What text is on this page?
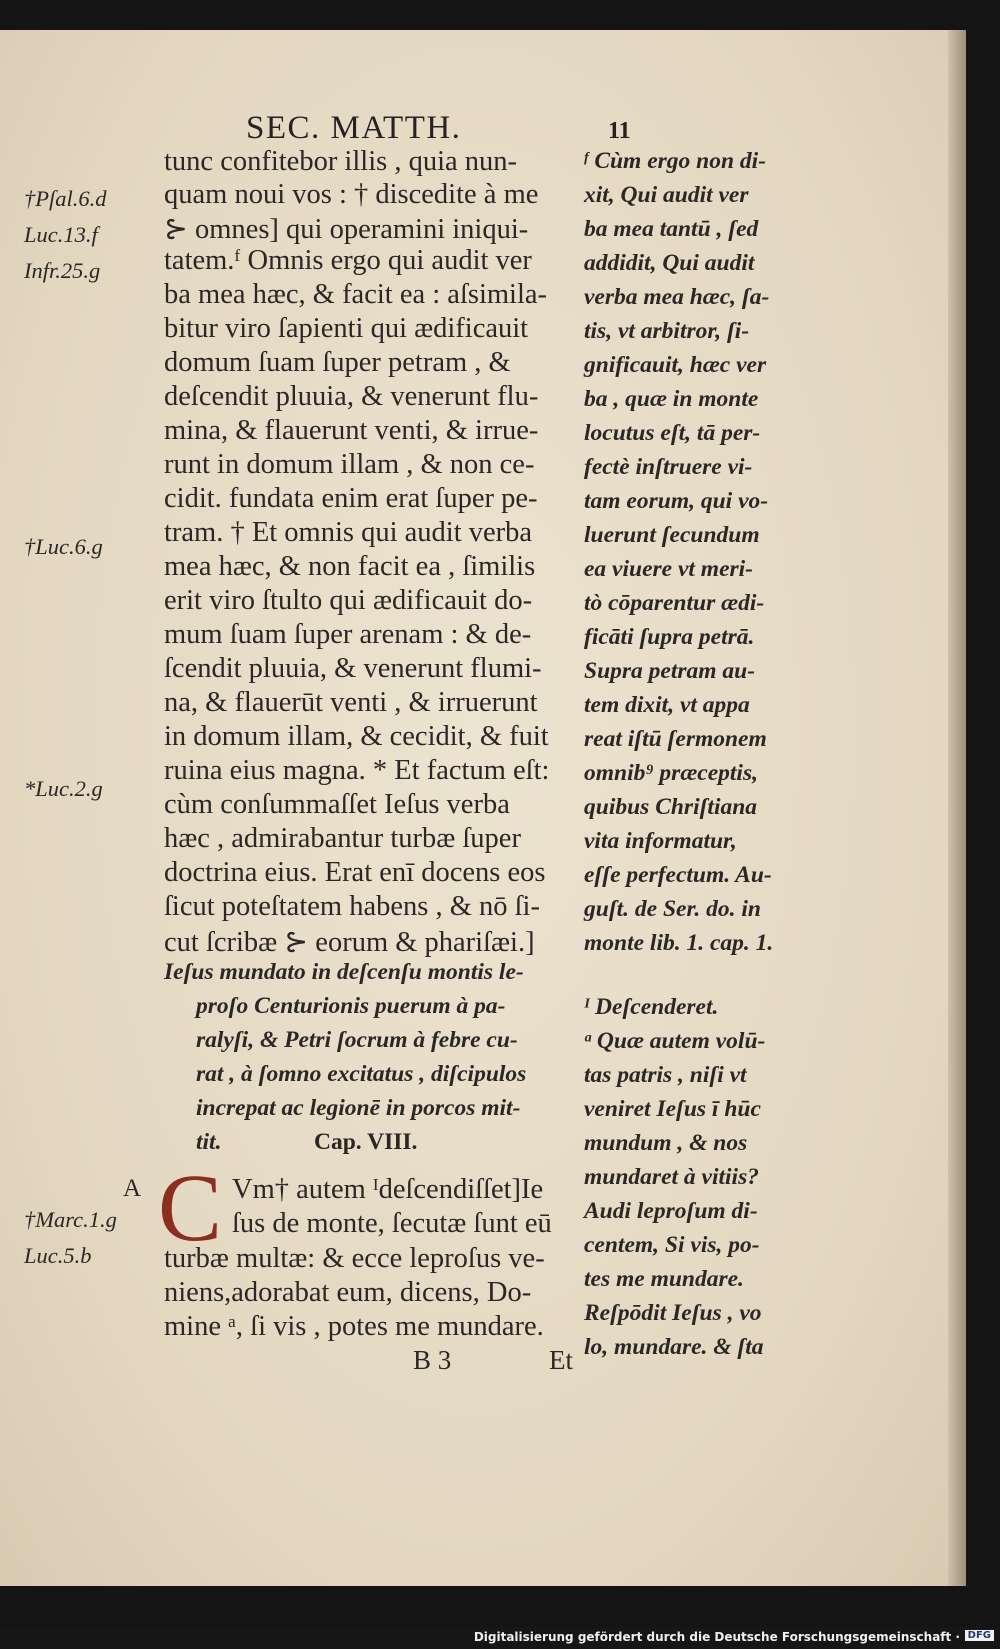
SEC. MATTH.	11
tunc confitebor illis , quia nun-
quam noui vos : † discedite à me
⊱ omnes] qui operamini iniqui-
tatem.ᶠ Omnis ergo qui audit ver
ba mea hæc, & facit ea : aſsimila-
bitur viro ſapienti qui ædificauit
domum ſuam ſuper petram , &
deſcendit pluuia, & venerunt flu-
mina, & flauerunt venti, & irrue-
runt in domum illam , & non ce-
cidit. fundata enim erat ſuper pe-
tram. † Et omnis qui audit verba
mea hæc, & non facit ea , ſimilis
erit viro ſtulto qui ædificauit do-
mum ſuam ſuper arenam : & de-
ſcendit pluuia, & venerunt flumi-
na, & flauerūt venti , & irruerunt
in domum illam, & cecidit, & fuit
ruina eius magna. * Et factum eſt:
cùm conſummaſſet Ieſus verba
hæc , admirabantur turbæ ſuper
doctrina eius. Erat enī docens eos
ſicut poteſtatem habens , & nō ſi-
cut ſcribæ ⊱ eorum & phariſæi.]
Ieſus mundato in deſcenſu montis le-
proſo Centurionis puerum à pa-
ralyſi, & Petri ſocrum à febre cu-
rat , à ſomno excitatus , diſcipulos
increpat ac legionē in porcos mit-
tit.	Cap. VIII.
A C Vm† autem ᴵdeſcendiſſet]Ie
ſus de monte, ſecutæ ſunt eū
turbæ multæ: & ecce leproſus ve-
niens,adorabat eum, dicens, Do-
mine ᵃ, ſi vis , potes me mundare.
B 3	Et
ᶠ Cùm ergo non di-
xit, Qui audit ver
ba mea tantū , ſed
addidit, Qui audit
verba mea hæc, ſa-
tis, vt arbitror, ſi-
gnificauit, hæc ver
ba , quæ in monte
locutus eſt, tā per-
fectè inſtruere vi-
tam eorum, qui vo-
luerunt ſecundum
ea viuere vt meri-
tò cōparentur ædi-
ficāti ſupra petrā.
Supra petram au-
tem dixit, vt appa
reat iſtū ſermonem
omnib⁹ præceptis,
quibus Chriſtiana
vita informatur,
eſſe perfectum. Au-
guſt. de Ser. do. in
monte lib. 1. cap. 1.
ᴵ Deſcenderet.
ᵃ Quæ autem volū-
tas patris , niſi vt
veniret Ieſus ī hūc
mundum , & nos
mundaret à vitiis?
Audi leproſum di-
centem, Si vis, po-
tes me mundare.
Reſpōdit Ieſus , vo
lo, mundare. & ſta
†Pſal.6.d
Luc.13.f
Infr.25.g
†Luc.6.g
*Luc.2.g
†Marc.1.g
Luc.5.b
Digitalisierung gefördert durch die Deutsche Forschungsgemeinschaft · DFG
